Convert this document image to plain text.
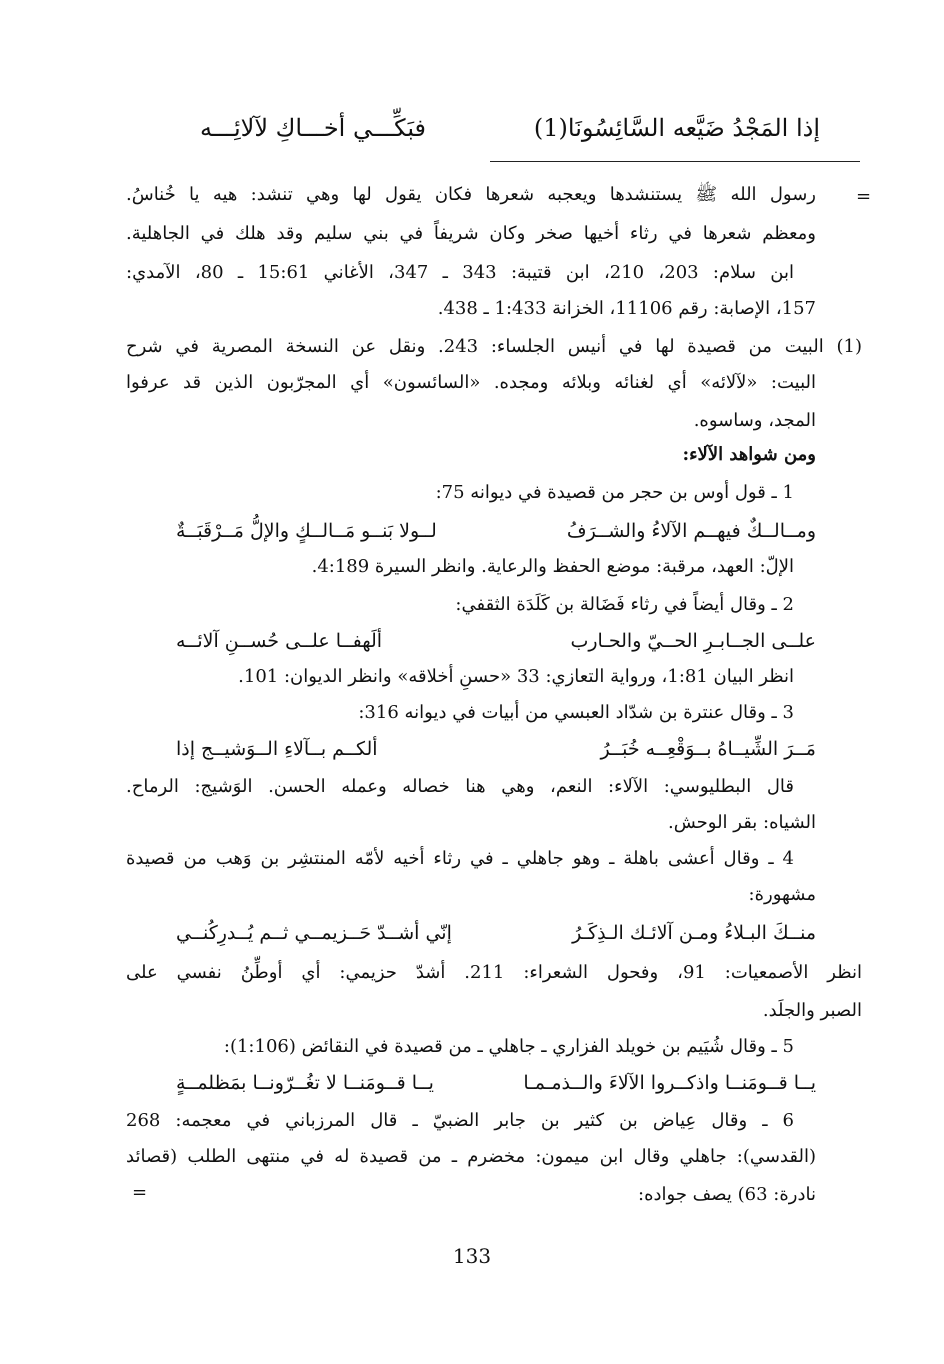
فبَكِّـــي أخـــاكِ لآلائِـــه	إذا المَجْدُ ضَيَّعه السَّائِسُونَا(1)
=
رسول الله ﷺ يستنشدها ويعجبه شعرها فكان يقول لها وهي تنشد: هيه يا خُناسُ.
ومعظم شعرها في رثاء أخيها صخر وكان شريفاً في بني سليم وقد هلك في الجاهلية.
ابن سلام: 203، 210، ابن قتيبة: 343 ـ 347، الأغاني 15:61 ـ 80، الآمدي:
157، الإصابة: رقم 11106، الخزانة 1:433 ـ 438.
(1) البيت من قصيدة لها في أنيس الجلساء: 243. ونقل عن النسخة المصرية في شرح
البيت: «لآلائه» أي لغنائه وبلائه ومجده. «السائسون» أي المجرّبون الذين قد عرفوا
المجد، وساسوه.
ومن شواهد الآلاء:
1 ـ قول أوس بن حجر من قصيدة في ديوانه 75:
لــولا بَنــو مَــالــكٍ والإلُّ مَــرْقَبَــةٌ	ومــالــكٌ فيهــم الآلاءُ والشــرَفُ
الإلّ: العهد، مرقبة: موضع الحفظ والرعاية. وانظر السيرة 4:189.
2 ـ وقال أيضاً في رثاء فَضَالة بن كَلَدَة الثقفي:
ألَهفــا علــى حُســنِ آلائــه	علــى الجــابـرِ الحــيّ والحـارب
انظر البيان 1:81، ورواية التعازي: 33 «حسنِ أخلاقه» وانظر الديوان: 101.
3 ـ وقال عنترة بن شدّاد العبسي من أبيات في ديوانه 316:
ألكــم بــآلاءِ الــوَشيــج إذا	مَــرَ الشِّيــاهُ بــوَقْعِــه خُبَــرُ
قال البطليوسي: الآلاء: النعم، وهي هنا خصاله وعمله الحسن. الوَشيج: الرماح.
الشياه: بقر الوحش.
4 ـ وقال أعشى باهلة ـ وهو جاهلي ـ في رثاء أخيه لأمّه المنتشِر بن وَهب من قصيدة
مشهورة:
إنّي أشــدّ حَــزيمــي ثــم يُــدرِكُنــي	منــكَ البـلاءُ ومـن آلائـك الـذِكَـرُ
انظر الأصمعيات: 91، وفحول الشعراء: 211. أشدّ حزيمي: أي أوطِّنُ نفسي على
الصبر والجلَد.
5 ـ وقال شُيَيم بن خويلد الفزاري ـ جاهلي ـ من قصيدة في النقائض (1:106):
يــا قــومَنــا لا تغُــرّونــا بمَظلمــةٍ	يــا قــومَنــا واذكــروا الآلاءَ والــذمـمـا
6 ـ وقال عِياض بن كثير بن جابر الضبيّ ـ قال المرزباني في معجمه: 268
(القدسي): جاهلي وقال ابن ميمون: مخضرم ـ من قصيدة له في منتهى الطلب (قصائد
نادرة: 63) يصف جواده:
=
133
